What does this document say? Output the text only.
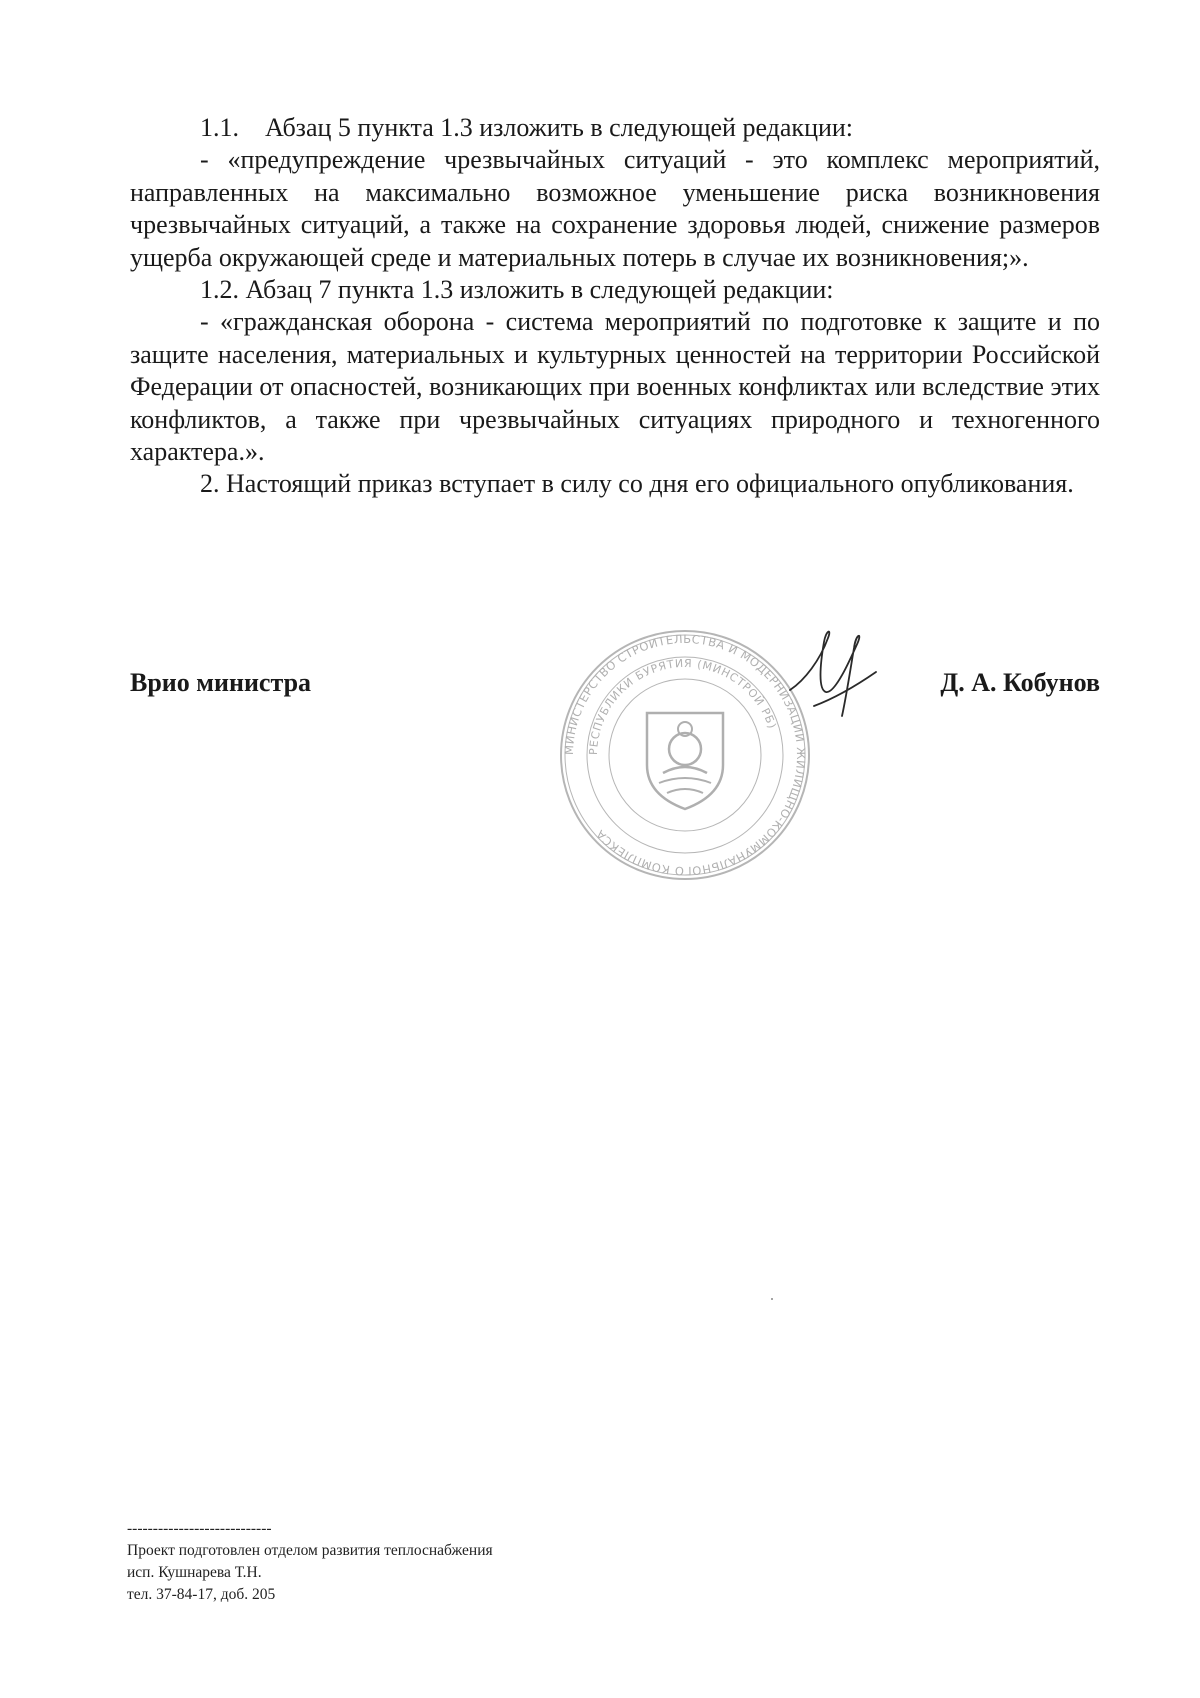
1.1.    Абзац 5 пункта 1.3 изложить в следующей редакции:

- «предупреждение чрезвычайных ситуаций - это комплекс мероприятий, направленных на максимально возможное уменьшение риска возникновения чрезвычайных ситуаций, а также на сохранение здоровья людей, снижение размеров ущерба окружающей среде и материальных потерь в случае их возникновения;».

1.2. Абзац 7 пункта 1.3 изложить в следующей редакции:

- «гражданская оборона - система мероприятий по подготовке к защите и по защите населения, материальных и культурных ценностей на территории Российской Федерации от опасностей, возникающих при военных конфликтах или вследствие этих конфликтов, а также при чрезвычайных ситуациях природного и техногенного характера.».

2. Настоящий приказ вступает в силу со дня его официального опубликования.

Врио министра	Д. А. Кобунов
МИНИСТЕРСТВО СТРОИТЕЛЬСТВА И МОДЕРНИЗАЦИИ ЖИЛИЩНО-КОММУНАЛЬНОГО КОМПЛЕКСА
РЕСПУБЛИКИ БУРЯТИЯ (МИНСТРОЙ РБ)
----------------------------
Проект подготовлен отделом развития теплоснабжения
исп. Кушнарева Т.Н.
тел. 37-84-17, доб. 205
